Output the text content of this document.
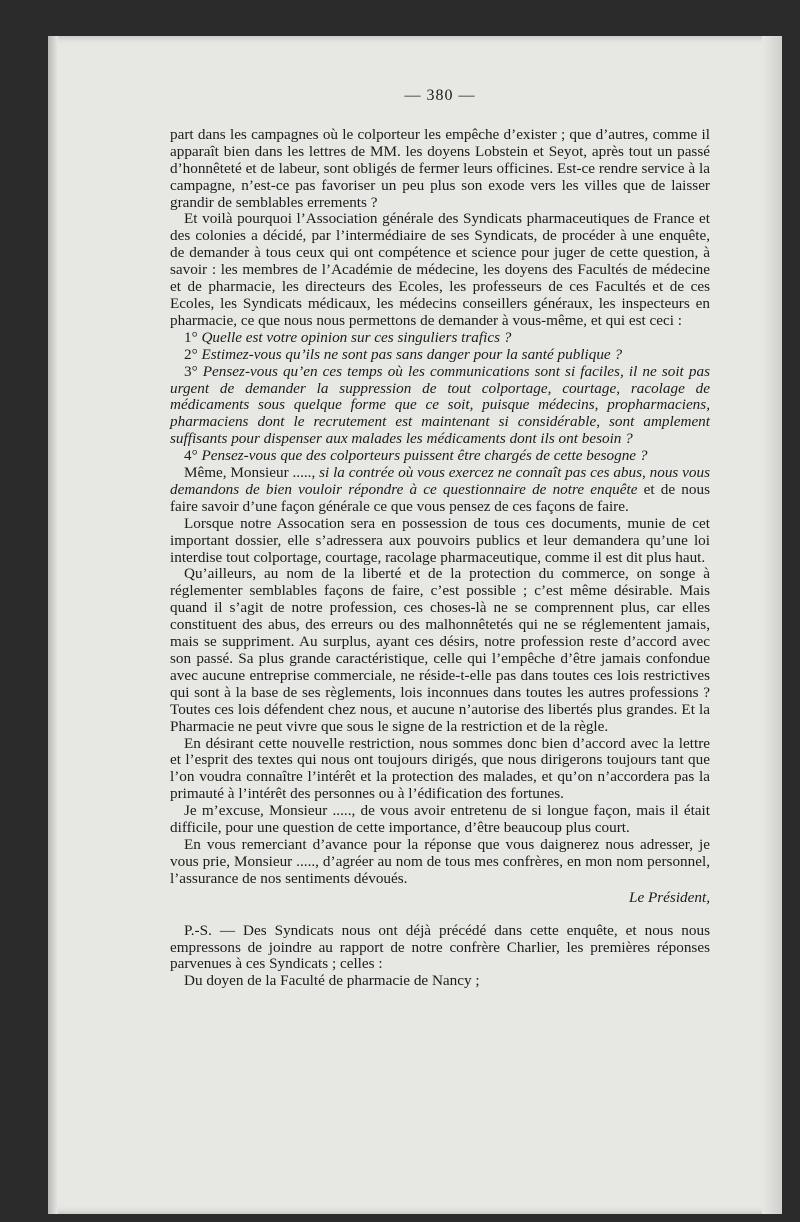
— 380 —

part dans les campagnes où le colporteur les empêche d’exister ; que d’autres, comme il apparaît bien dans les lettres de MM. les doyens Lobstein et Seyot, après tout un passé d’honnêteté et de labeur, sont obligés de fermer leurs officines. Est-ce rendre service à la campagne, n’est-ce pas favoriser un peu plus son exode vers les villes que de laisser grandir de semblables errements ?

Et voilà pourquoi l’Association générale des Syndicats pharmaceutiques de France et des colonies a décidé, par l’intermédiaire de ses Syndicats, de procéder à une enquête, de demander à tous ceux qui ont compétence et science pour juger de cette question, à savoir : les membres de l’Académie de médecine, les doyens des Facultés de médecine et de pharmacie, les directeurs des Ecoles, les professeurs de ces Facultés et de ces Ecoles, les Syndicats médicaux, les médecins conseillers généraux, les inspecteurs en pharmacie, ce que nous nous permettons de demander à vous-même, et qui est ceci :

1° Quelle est votre opinion sur ces singuliers trafics ?

2° Estimez-vous qu’ils ne sont pas sans danger pour la santé publique ?

3° Pensez-vous qu’en ces temps où les communications sont si faciles, il ne soit pas urgent de demander la suppression de tout colportage, courtage, racolage de médicaments sous quelque forme que ce soit, puisque médecins, propharmaciens, pharmaciens dont le recrutement est maintenant si considérable, sont amplement suffisants pour dispenser aux malades les médicaments dont ils ont besoin ?

4° Pensez-vous que des colporteurs puissent être chargés de cette besogne ?

Même, Monsieur ....., si la contrée où vous exercez ne connaît pas ces abus, nous vous demandons de bien vouloir répondre à ce questionnaire de notre enquête et de nous faire savoir d’une façon générale ce que vous pensez de ces façons de faire.

Lorsque notre Assocation sera en possession de tous ces documents, munie de cet important dossier, elle s’adressera aux pouvoirs publics et leur demandera qu’une loi interdise tout colportage, courtage, racolage pharmaceutique, comme il est dit plus haut.

Qu’ailleurs, au nom de la liberté et de la protection du commerce, on songe à réglementer semblables façons de faire, c’est possible ; c’est même désirable. Mais quand il s’agit de notre profession, ces choses-là ne se comprennent plus, car elles constituent des abus, des erreurs ou des malhonnêtetés qui ne se réglementent jamais, mais se suppriment. Au surplus, ayant ces désirs, notre profession reste d’accord avec son passé. Sa plus grande caractéristique, celle qui l’empêche d’être jamais confondue avec aucune entreprise commerciale, ne réside-t-elle pas dans toutes ces lois restrictives qui sont à la base de ses règlements, lois inconnues dans toutes les autres professions ? Toutes ces lois défendent chez nous, et aucune n’autorise des libertés plus grandes. Et la Pharmacie ne peut vivre que sous le signe de la restriction et de la règle.

En désirant cette nouvelle restriction, nous sommes donc bien d’accord avec la lettre et l’esprit des textes qui nous ont toujours dirigés, que nous dirigerons toujours tant que l’on voudra connaître l’intérêt et la protection des malades, et qu’on n’accordera pas la primauté à l’intérêt des personnes ou à l’édification des fortunes.

Je m’excuse, Monsieur ....., de vous avoir entretenu de si longue façon, mais il était difficile, pour une question de cette importance, d’être beaucoup plus court.

En vous remerciant d’avance pour la réponse que vous daignerez nous adresser, je vous prie, Monsieur ....., d’agréer au nom de tous mes confrères, en mon nom personnel, l’assurance de nos sentiments dévoués.

Le Président,

P.-S. — Des Syndicats nous ont déjà précédé dans cette enquête, et nous nous empressons de joindre au rapport de notre confrère Charlier, les premières réponses parvenues à ces Syndicats ; celles :

Du doyen de la Faculté de pharmacie de Nancy ;
